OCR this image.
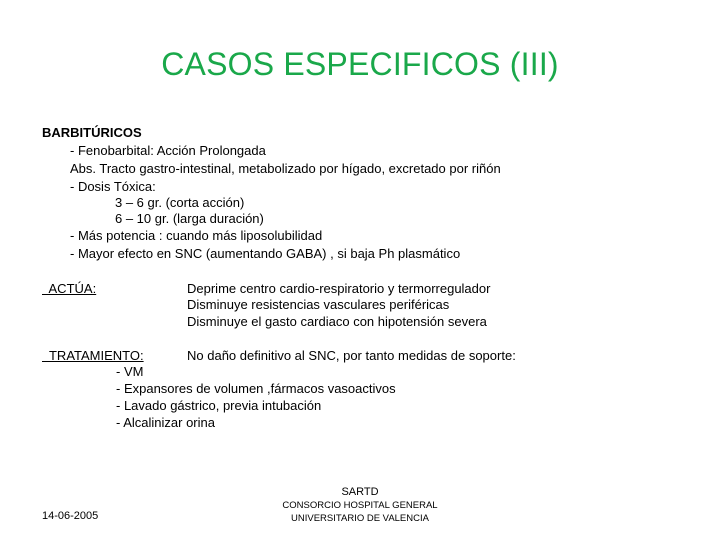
CASOS ESPECIFICOS (III)
BARBITÚRICOS
- Fenobarbital: Acción Prolongada
Abs. Tracto gastro-intestinal, metabolizado por hígado, excretado por riñón
- Dosis Tóxica:
3 – 6 gr. (corta acción)
6 – 10 gr. (larga duración)
- Más potencia : cuando más liposolubilidad
- Mayor efecto en SNC (aumentando GABA) , si baja Ph plasmático
ACTÚA:	Deprime centro cardio-respiratorio y termorregulador
Disminuye resistencias vasculares periféricas
Disminuye el gasto cardiaco con hipotensión severa
TRATAMIENTO:	No daño definitivo al SNC, por tanto medidas de soporte:
- VM
- Expansores de volumen ,fármacos vasoactivos
- Lavado gástrico, previa intubación
- Alcalinizar orina
14-06-2005
SARTD
CONSORCIO HOSPITAL GENERAL
UNIVERSITARIO DE VALENCIA
